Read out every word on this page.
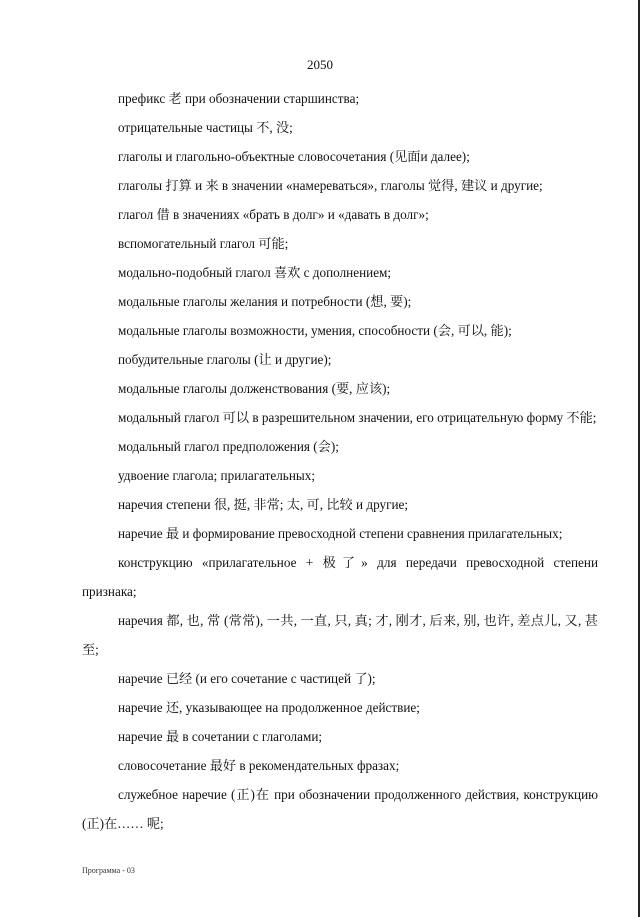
2050

префикс 老 при обозначении старшинства;

отрицательные частицы 不, 没;

глаголы и глагольно-объектные словосочетания (见面и далее);

глаголы 打算 и 来 в значении «намереваться», глаголы 觉得, 建议 и другие;

глагол 借 в значениях «брать в долг» и «давать в долг»;

вспомогательный глагол 可能;

модально-подобный глагол 喜欢 с дополнением;

модальные глаголы желания и потребности (想, 要);

модальные глаголы возможности, умения, способности (会, 可以, 能);

побудительные глаголы (让 и другие);

модальные глаголы долженствования (要, 应该);

модальный глагол 可以 в разрешительном значении, его отрицательную форму 不能;

модальный глагол предположения (会);

удвоение глагола; прилагательных;

наречия степени 很, 挺, 非常; 太, 可, 比较 и другие;

наречие 最 и формирование превосходной степени сравнения прилагательных;

конструкцию «прилагательное + 极了» для передачи превосходной степени признака;

наречия 都, 也, 常 (常常), 一共, 一直, 只, 真; 才, 刚才, 后来, 别, 也许, 差点儿, 又, 甚至;

наречие 已经 (и его сочетание с частицей 了);

наречие 还, указывающее на продолженное действие;

наречие 最 в сочетании с глаголами;

словосочетание 最好 в рекомендательных фразах;

служебное наречие (正)在 при обозначении продолженного действия, конструкцию (正)在…… 呢;

Программа - 03
